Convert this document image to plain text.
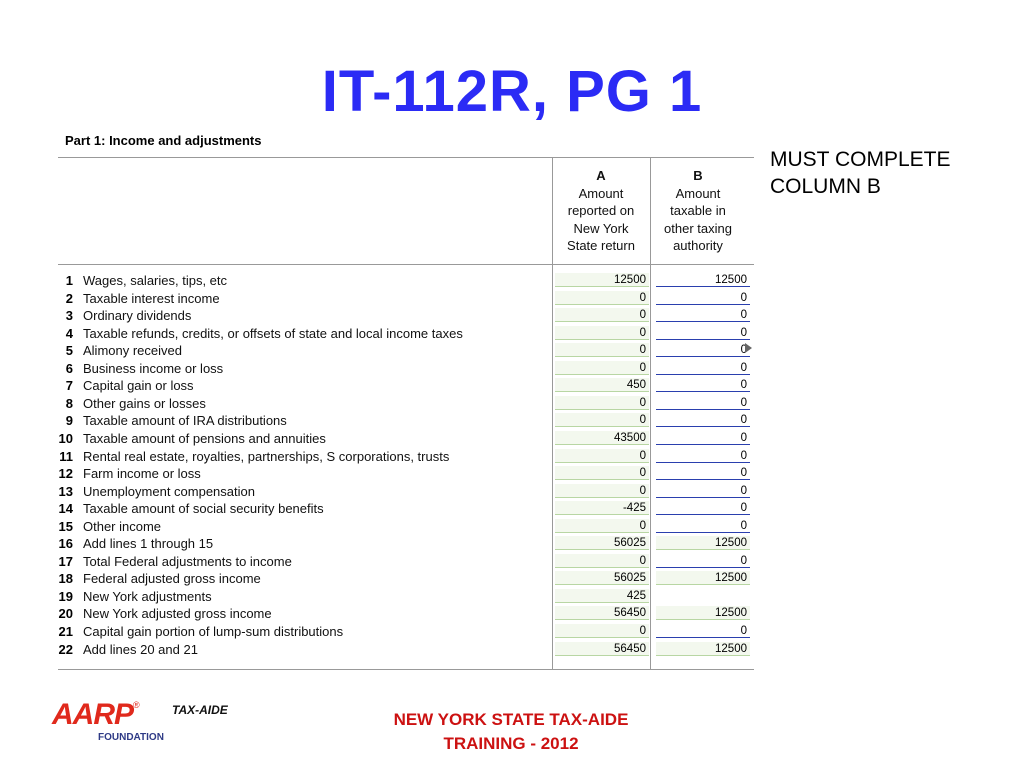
IT-112R, PG 1
Part 1: Income and adjustments
A
Amount
reported on
New York
State return
B
Amount
taxable in
other taxing
authority
1 Wages, salaries, tips, etc	12500	12500
2 Taxable interest income	0	0
3 Ordinary dividends	0	0
4 Taxable refunds, credits, or offsets of state and local income taxes	0	0
5 Alimony received	0	0
6 Business income or loss	0	0
7 Capital gain or loss	450	0
8 Other gains or losses	0	0
9 Taxable amount of IRA distributions	0	0
10 Taxable amount of pensions and annuities	43500	0
11 Rental real estate, royalties, partnerships, S corporations, trusts	0	0
12 Farm income or loss	0	0
13 Unemployment compensation	0	0
14 Taxable amount of social security benefits	-425	0
15 Other income	0	0
16 Add lines 1 through 15	56025	12500
17 Total Federal adjustments to income	0	0
18 Federal adjusted gross income	56025	12500
19 New York adjustments	425
20 New York adjusted gross income	56450	12500
21 Capital gain portion of lump-sum distributions	0	0
22 Add lines 20 and 21	56450	12500
MUST COMPLETE
COLUMN B
AARP®
FOUNDATION
TAX-AIDE	NEW YORK STATE TAX-AIDE
TRAINING - 2012
